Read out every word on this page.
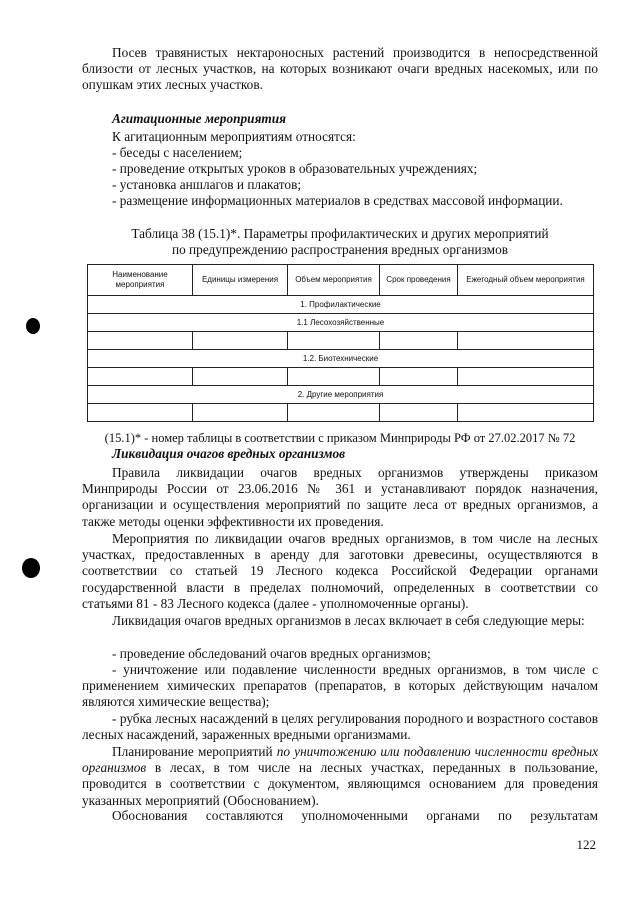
Посев травянистых нектароносных растений производится в непосредственной близости от лесных участков, на которых возникают очаги вредных насекомых, или по опушкам этих лесных участков.

Агитационные мероприятия

К агитационным мероприятиям относятся:

- беседы с населением;

- проведение открытых уроков в образовательных учреждениях;

- установка аншлагов и плакатов;

- размещение информационных материалов в средствах массовой информации.

Таблица 38 (15.1)*. Параметры профилактических и других мероприятий
по предупреждению распространения вредных организмов
Наименование мероприятия	Единицы измерения	Объем мероприятия	Срок проведения	Ежегодный объем мероприятия
1. Профилактические				
1.1 Лесохозяйственные				

1.2. Биотехнические				

2. Другие мероприятия				

(15.1)* - номер таблицы в соответствии с приказом Минприроды РФ от 27.02.2017 № 72

Ликвидация очагов вредных организмов

Правила ликвидации очагов вредных организмов утверждены приказом Минприроды России от 23.06.2016 № 361 и устанавливают порядок назначения, организации и осуществления мероприятий по защите леса от вредных организмов, а также методы оценки эффективности их проведения.

Мероприятия по ликвидации очагов вредных организмов, в том числе на лесных участках, предоставленных в аренду для заготовки древесины, осуществляются в соответствии со статьей 19 Лесного кодекса Российской Федерации органами государственной власти в пределах полномочий, определенных в соответствии со статьями 81 - 83 Лесного кодекса (далее - уполномоченные органы).

Ликвидация очагов вредных организмов в лесах включает в себя следующие меры:

- проведение обследований очагов вредных организмов;

- уничтожение или подавление численности вредных организмов, в том числе с применением химических препаратов (препаратов, в которых действующим началом являются химические вещества);

- рубка лесных насаждений в целях регулирования породного и возрастного составов лесных насаждений, зараженных вредными организмами.

Планирование мероприятий по уничтожению или подавлению численности вредных организмов в лесах, в том числе на лесных участках, переданных в пользование, проводится в соответствии с документом, являющимся основанием для проведения указанных мероприятий (Обоснованием).

Обоснования составляются уполномоченными органами по результатам

122
